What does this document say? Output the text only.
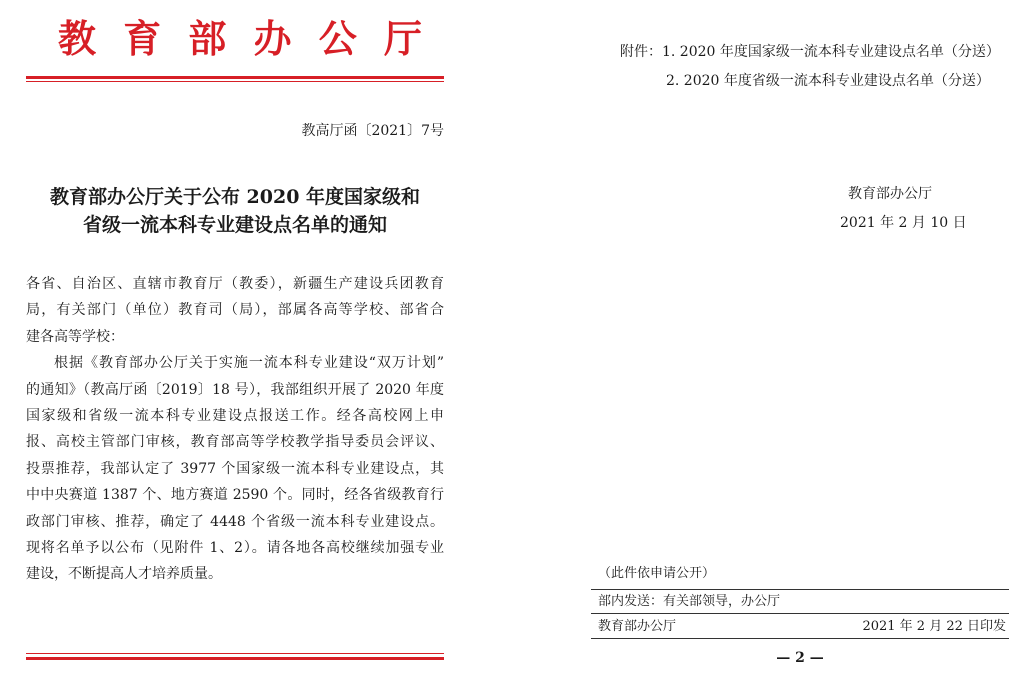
教育部办公厅
教高厅函〔2021〕7号
教育部办公厅关于公布 2020 年度国家级和
省级一流本科专业建设点名单的通知
各省、自治区、直辖市教育厅（教委），新疆生产建设兵团教育
局，有关部门（单位）教育司（局），部属各高等学校、部省合
建各高等学校：
根据《教育部办公厅关于实施一流本科专业建设“双万计划”
的通知》（教高厅函〔2019〕18 号），我部组织开展了 2020 年度
国家级和省级一流本科专业建设点报送工作。经各高校网上申
报、高校主管部门审核，教育部高等学校教学指导委员会评议、
投票推荐，我部认定了 3977 个国家级一流本科专业建设点，其
中中央赛道 1387 个、地方赛道 2590 个。同时，经各省级教育行
政部门审核、推荐，确定了 4448 个省级一流本科专业建设点。
现将名单予以公布（见附件 1、2）。请各地各高校继续加强专业
建设，不断提高人才培养质量。
附件：1. 2020 年度国家级一流本科专业建设点名单（分送）
2. 2020 年度省级一流本科专业建设点名单（分送）
教育部办公厅
2021 年 2 月 10 日
（此件依申请公开）
部内发送：有关部领导，办公厅
教育部办公厅	2021 年 2 月 22 日印发
— 2 —
